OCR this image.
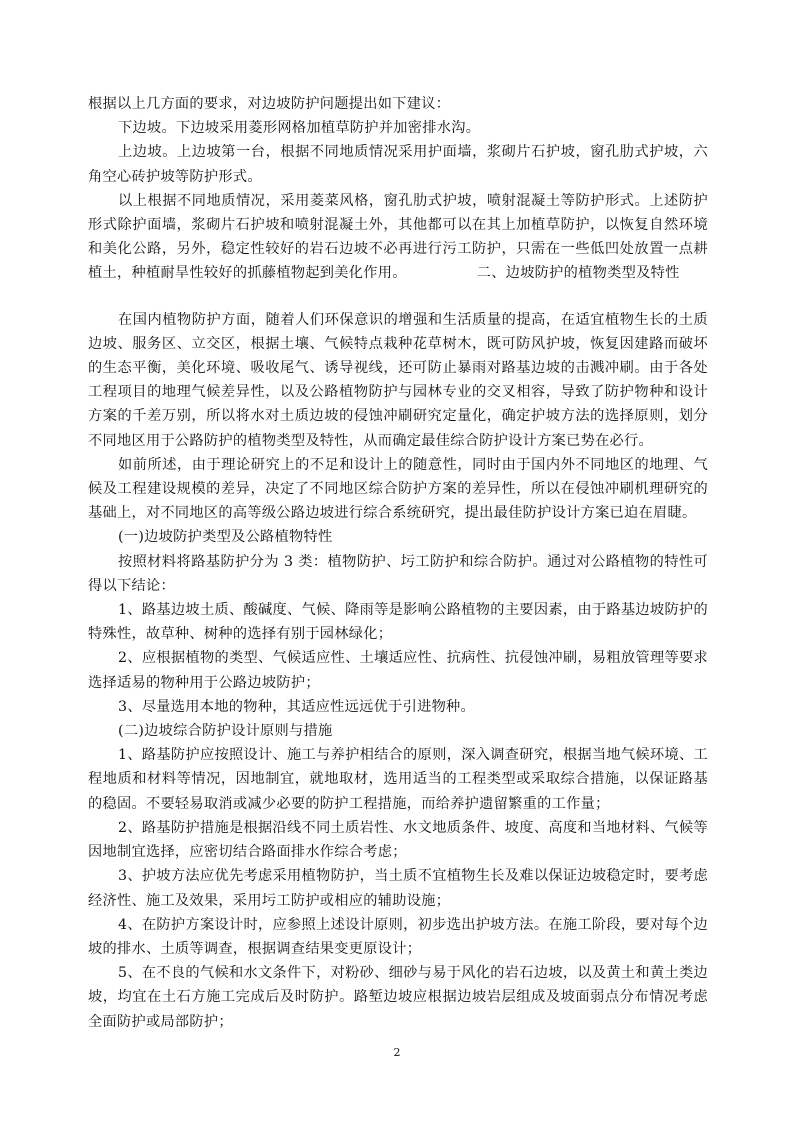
根据以上几方面的要求，对边坡防护问题提出如下建议：

下边坡。下边坡采用菱形网格加植草防护并加密排水沟。

上边坡。上边坡第一台，根据不同地质情况采用护面墙，浆砌片石护坡，窗孔肋式护坡，六角空心砖护坡等防护形式。

以上根据不同地质情况，采用菱菜风格，窗孔肋式护坡，喷射混凝土等防护形式。上述防护形式除护面墙，浆砌片石护坡和喷射混凝土外，其他都可以在其上加植草防护，以恢复自然环境和美化公路，另外，稳定性较好的岩石边坡不必再进行污工防护，只需在一些低凹处放置一点耕植土，种植耐旱性较好的抓藤植物起到美化作用。	二、边坡防护的植物类型及特性

在国内植物防护方面，随着人们环保意识的增强和生活质量的提高，在适宜植物生长的土质边坡、服务区、立交区，根据土壤、气候特点栽种花草树木，既可防风护坡，恢复因建路而破坏的生态平衡，美化环境、吸收尾气、诱导视线，还可防止暴雨对路基边坡的击溅冲刷。由于各处工程项目的地理气候差异性，以及公路植物防护与园林专业的交叉相容，导致了防护物种和设计方案的千差万别，所以将水对土质边坡的侵蚀冲刷研究定量化，确定护坡方法的选择原则，划分不同地区用于公路防护的植物类型及特性，从而确定最佳综合防护设计方案已势在必行。

如前所述，由于理论研究上的不足和设计上的随意性，同时由于国内外不同地区的地理、气候及工程建设规模的差异，决定了不同地区综合防护方案的差异性，所以在侵蚀冲刷机理研究的基础上，对不同地区的高等级公路边坡进行综合系统研究，提出最佳防护设计方案已迫在眉睫。

(一)边坡防护类型及公路植物特性

按照材料将路基防护分为 3 类：植物防护、圬工防护和综合防护。通过对公路植物的特性可得以下结论：

1、路基边坡土质、酸碱度、气候、降雨等是影响公路植物的主要因素，由于路基边坡防护的特殊性，故草种、树种的选择有别于园林绿化；

2、应根据植物的类型、气候适应性、土壤适应性、抗病性、抗侵蚀冲刷，易粗放管理等要求选择适易的物种用于公路边坡防护；

3、尽量选用本地的物种，其适应性远远优于引进物种。

(二)边坡综合防护设计原则与措施

1、路基防护应按照设计、施工与养护相结合的原则，深入调查研究，根据当地气候环境、工程地质和材料等情况，因地制宜，就地取材，选用适当的工程类型或采取综合措施，以保证路基的稳固。不要轻易取消或减少必要的防护工程措施，而给养护遗留繁重的工作量；

2、路基防护措施是根据沿线不同土质岩性、水文地质条件、坡度、高度和当地材料、气候等因地制宜选择，应密切结合路面排水作综合考虑；

3、护坡方法应优先考虑采用植物防护，当土质不宜植物生长及难以保证边坡稳定时，要考虑经济性、施工及效果，采用圬工防护或相应的辅助设施；

4、在防护方案设计时，应参照上述设计原则，初步选出护坡方法。在施工阶段，要对每个边坡的排水、土质等调查，根据调查结果变更原设计；

5、在不良的气候和水文条件下，对粉砂、细砂与易于风化的岩石边坡，以及黄土和黄土类边坡，均宜在土石方施工完成后及时防护。路堑边坡应根据边坡岩层组成及坡面弱点分布情况考虑全面防护或局部防护；

2
